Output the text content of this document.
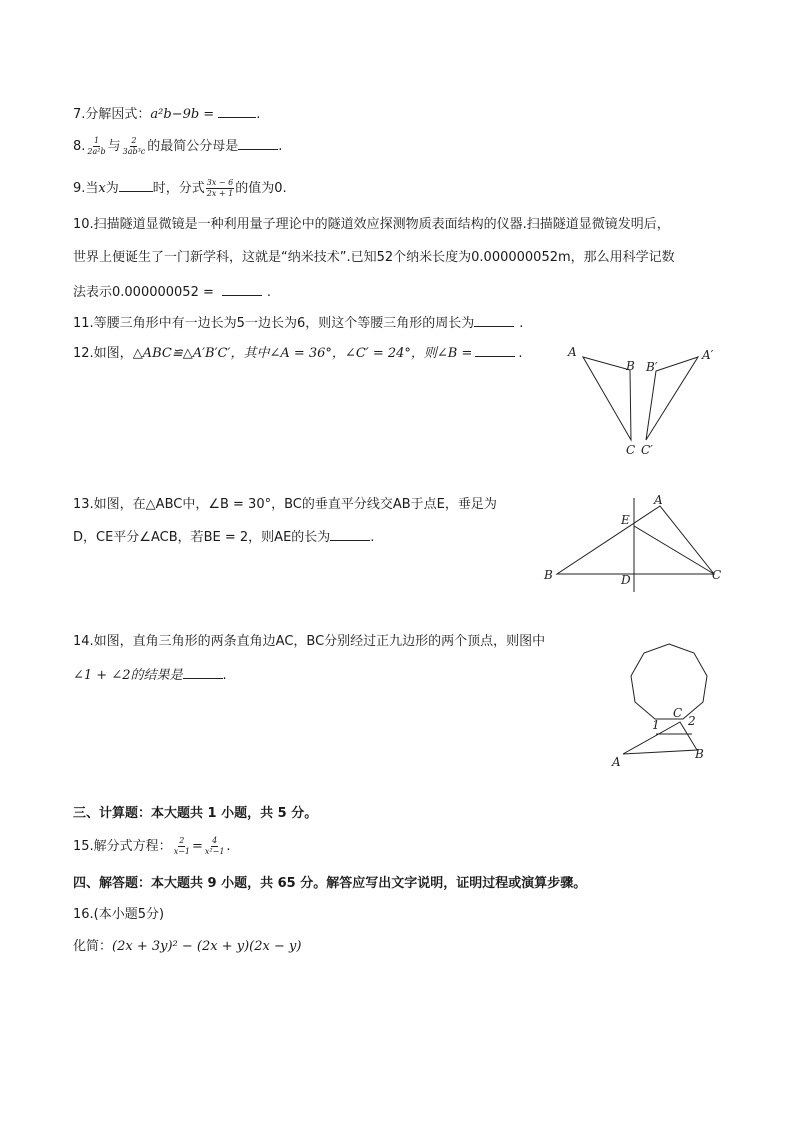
7.分解因式：a²b−9b =	.
8. $\frac{1}{\text{2a²b}}$ 与 $\frac{2}{\text{3ab³c}}$ 的最简公分母是	.
9.当x为	时，分式 $\frac{3x - 6}{2x + 1}$ 的值为0.
10.扫描隧道显微镜是一种利用量子理论中的隧道效应探测物质表面结构的仪器.扫描隧道显微镜发明后，
世界上便诞生了一门新学科，这就是“纳米技术”.已知52个纳米长度为0.000000052m，那么用科学记数
法表示0.000000052 =	.
11.等腰三角形中有一边长为5一边长为6，则这个等腰三角形的周长为	.
12.如图，△ABC≌△A′B′C′，其中∠A = 36°，∠C′ = 24°，则∠B =	.	A
B
C
A′
B′
C′
13.如图，在△ABC中，∠B = 30°，BC的垂直平分线交AB于点E，垂足为
D，CE平分∠ACB，若BE = 2，则AE的长为	.
A
E
B	C
D
14.如图，直角三角形的两条直角边AC，BC分别经过正九边形的两个顶点，则图中
∠1 + ∠2的结果是	.
C
1 2
A
B
三、计算题：本大题共 1 小题，共 5 分。
15.解分式方程： $\frac{2}{x-1} = \frac{4}{\text{x²−1}}$ .
四、解答题：本大题共 9 小题，共 65 分。解答应写出文字说明，证明过程或演算步骤。
16.(本小题5分)
化简：(2x + 3y)² − (2x + y)(2x − y)
